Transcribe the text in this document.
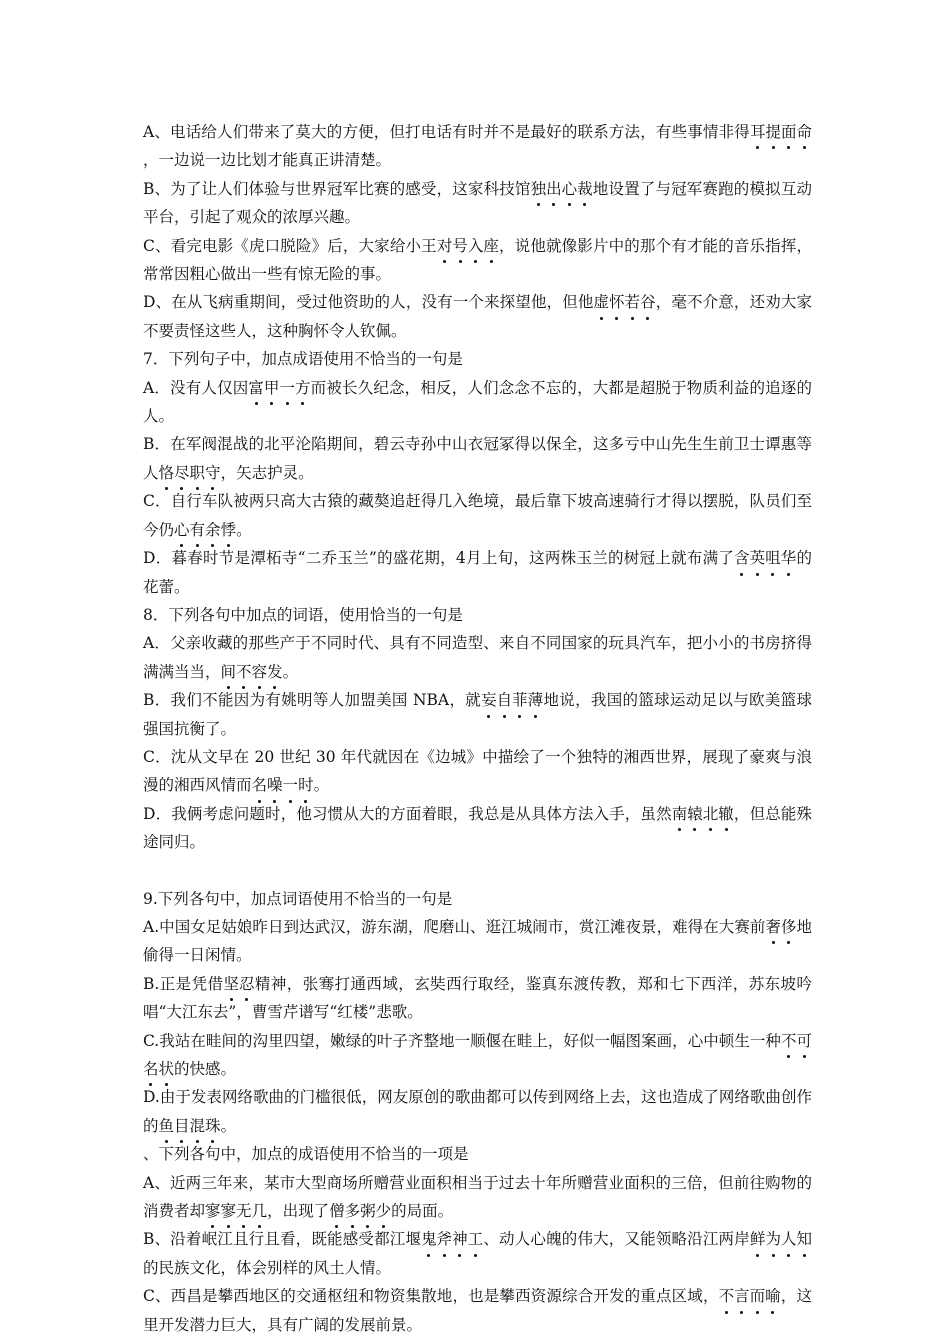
A、电话给人们带来了莫大的方便，但打电话有时并不是最好的联系方法，有些事情非得耳提面命，一边说一边比划才能真正讲清楚。

B、为了让人们体验与世界冠军比赛的感受，这家科技馆独出心裁地设置了与冠军赛跑的模拟互动平台，引起了观众的浓厚兴趣。

C、看完电影《虎口脱险》后，大家给小王对号入座，说他就像影片中的那个有才能的音乐指挥，常常因粗心做出一些有惊无险的事。

D、在从飞病重期间，受过他资助的人，没有一个来探望他，但他虚怀若谷，毫不介意，还劝大家不要责怪这些人，这种胸怀令人钦佩。

7．下列句子中，加点成语使用不恰当的一句是

A．没有人仅因富甲一方而被长久纪念，相反，人们念念不忘的，大都是超脱于物质利益的追逐的人。

B．在军阀混战的北平沦陷期间，碧云寺孙中山衣冠冢得以保全，这多亏中山先生生前卫士谭惠等人恪尽职守，矢志护灵。

C．自行车队被两只高大古猿的藏獒追赶得几入绝境，最后靠下坡高速骑行才得以摆脱，队员们至今仍心有余悸。

D．暮春时节是潭柘寺“二乔玉兰”的盛花期，4月上旬，这两株玉兰的树冠上就布满了含英咀华的花蕾。

8．下列各句中加点的词语，使用恰当的一句是

A．父亲收藏的那些产于不同时代、具有不同造型、来自不同国家的玩具汽车，把小小的书房挤得满满当当，间不容发。

B．我们不能因为有姚明等人加盟美国 NBA，就妄自菲薄地说，我国的篮球运动足以与欧美篮球强国抗衡了。

C．沈从文早在 20 世纪 30 年代就因在《边城》中描绘了一个独特的湘西世界，展现了豪爽与浪漫的湘西风情而名噪一时。

D．我俩考虑问题时，他习惯从大的方面着眼，我总是从具体方法入手，虽然南辕北辙，但总能殊途同归。

9.下列各句中，加点词语使用不恰当的一句是

A.中国女足姑娘昨日到达武汉，游东湖，爬磨山、逛江城闹市，赏江滩夜景，难得在大赛前奢侈地偷得一日闲情。

B.正是凭借坚忍精神，张骞打通西域，玄奘西行取经，鉴真东渡传教，郑和七下西洋，苏东坡吟唱“大江东去”，曹雪芹谱写“红楼”悲歌。

C.我站在畦间的沟里四望，嫩绿的叶子齐整地一顺偃在畦上，好似一幅图案画，心中顿生一种不可名状的快感。

D.由于发表网络歌曲的门槛很低，网友原创的歌曲都可以传到网络上去，这也造成了网络歌曲创作的鱼目混珠。

、下列各句中，加点的成语使用不恰当的一项是

A、近两三年来，某市大型商场所赠营业面积相当于过去十年所赠营业面积的三倍，但前往购物的消费者却寥寥无几，出现了僧多粥少的局面。

B、沿着岷江且行且看，既能感受都江堰鬼斧神工、动人心魄的伟大，又能领略沿江两岸鲜为人知的民族文化，体会别样的风土人情。

C、西昌是攀西地区的交通枢纽和物资集散地，也是攀西资源综合开发的重点区域，不言而喻，这里开发潜力巨大，具有广阔的发展前景。
